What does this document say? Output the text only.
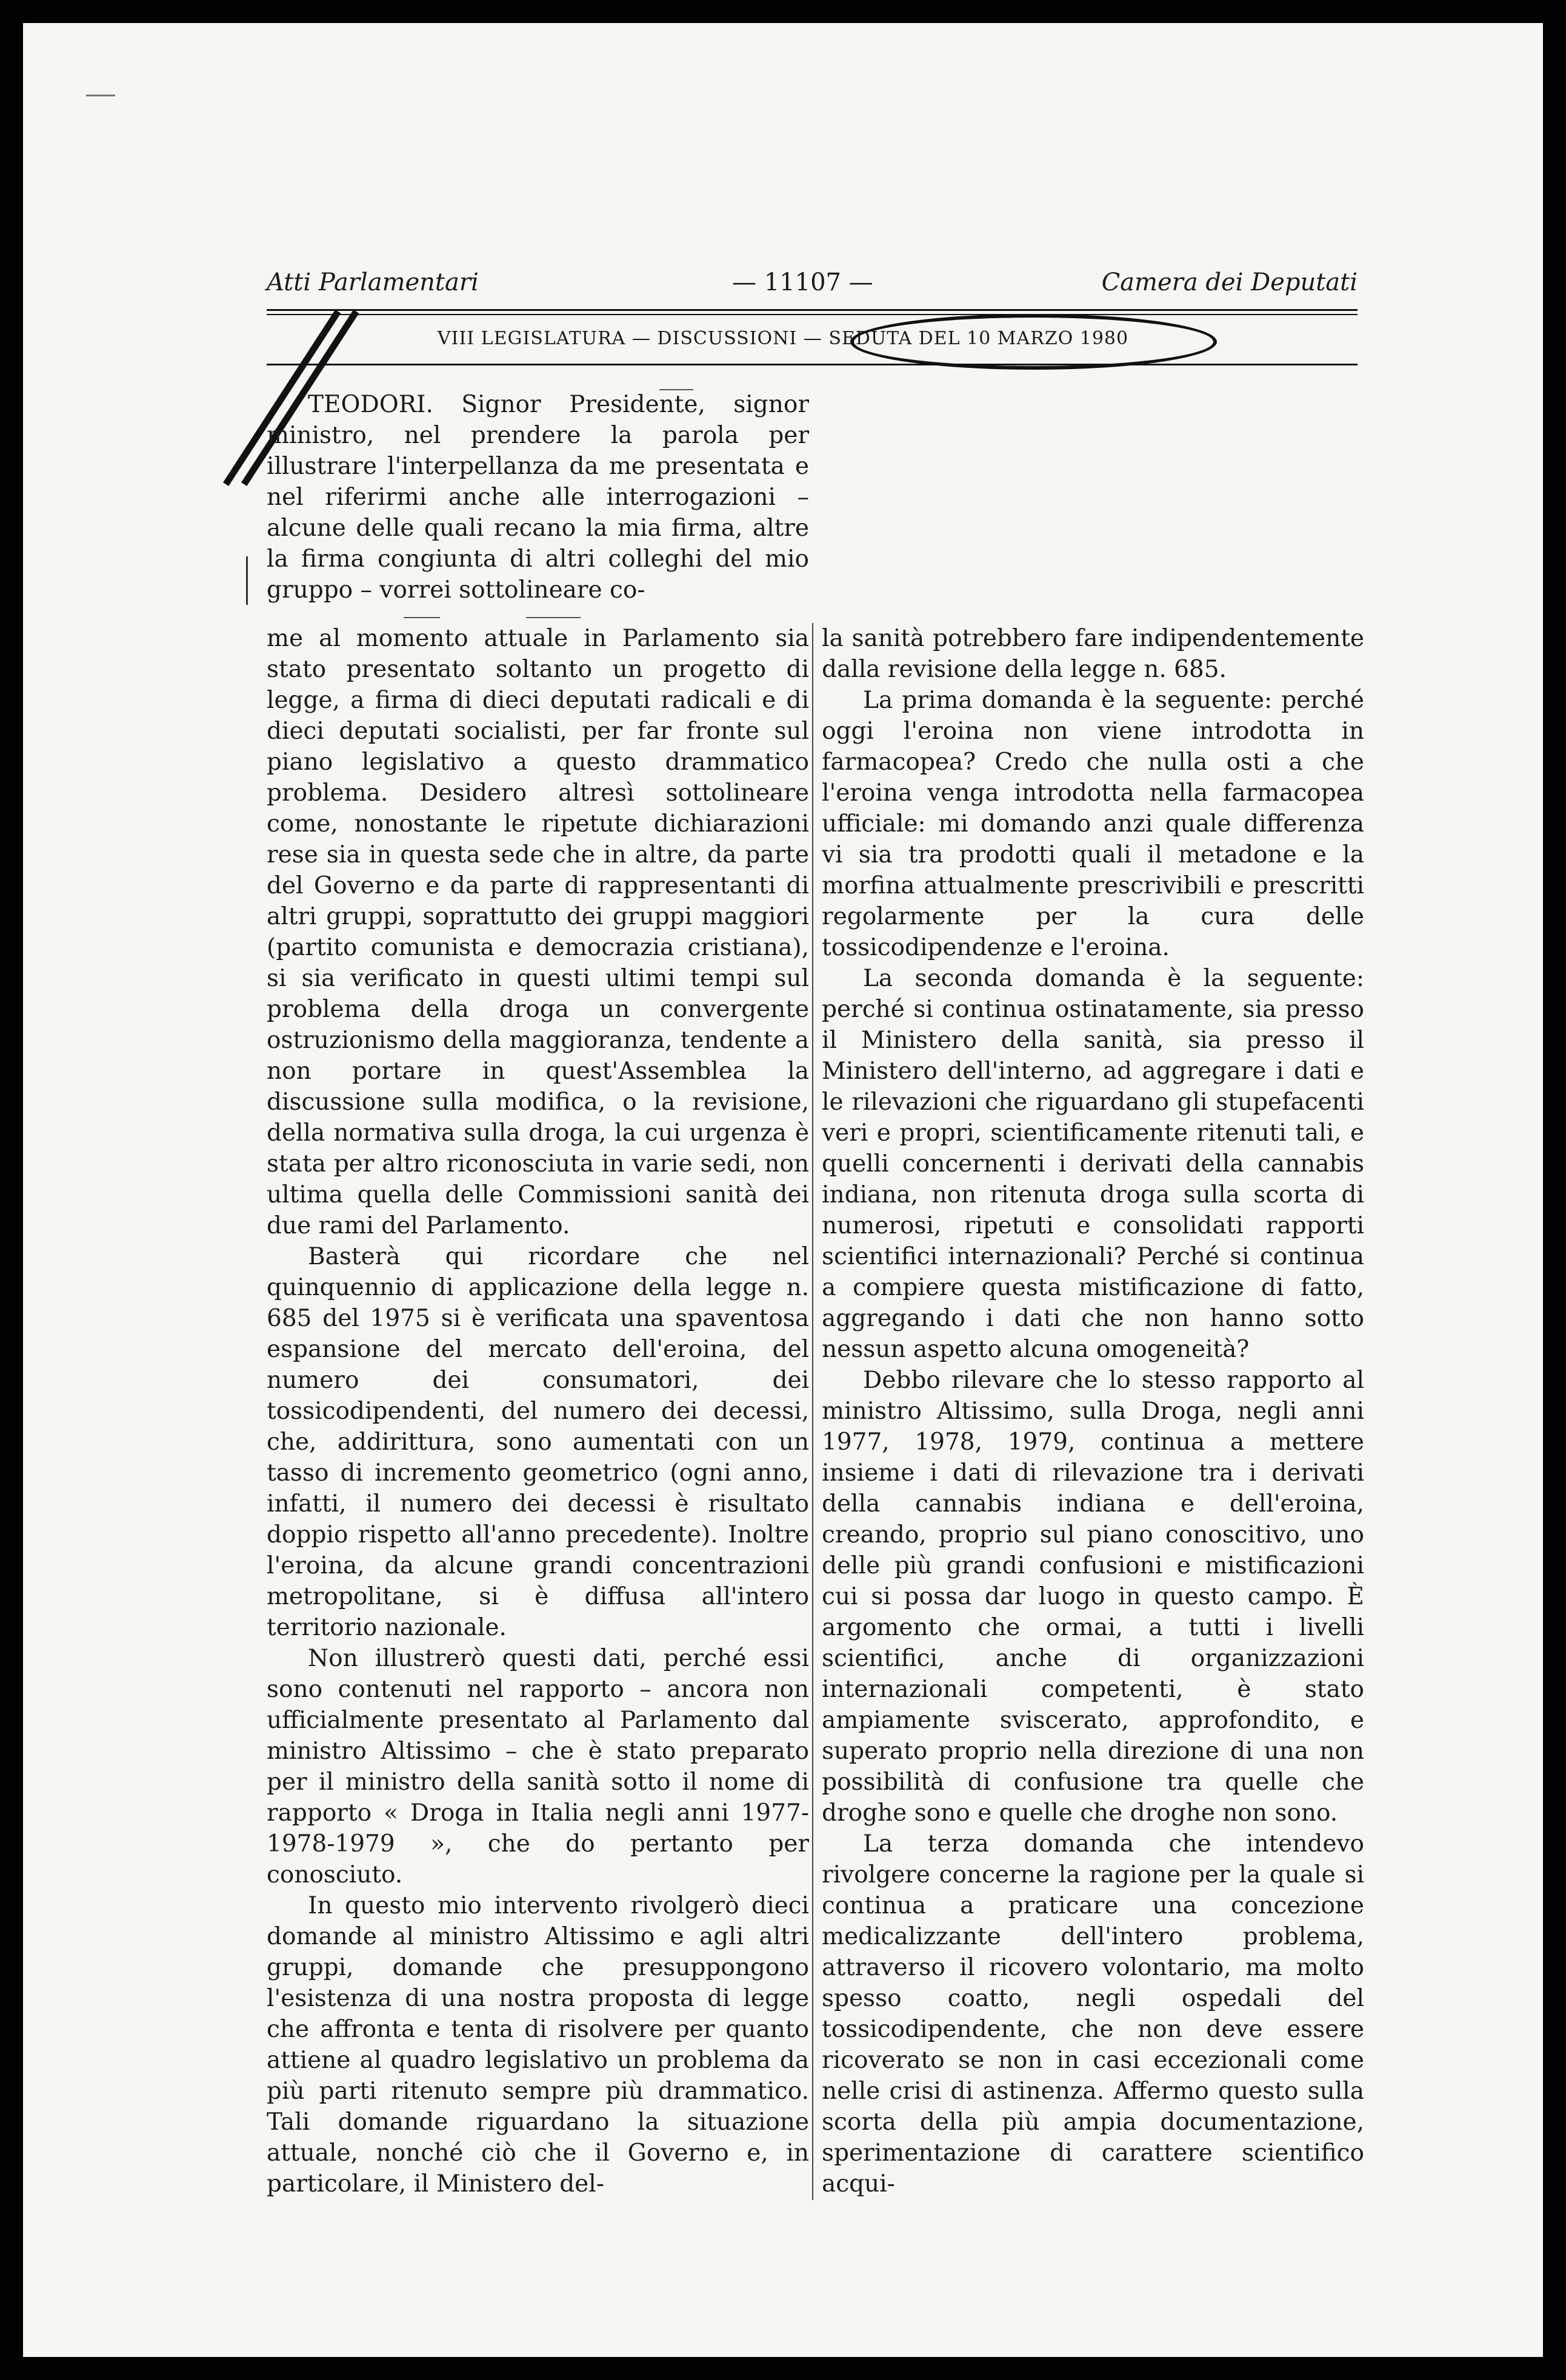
Atti Parlamentari	— 11107 —	Camera dei Deputati
VIII LEGISLATURA — DISCUSSIONI — SEDUTA DEL 10 MARZO 1980

TEODORI. Signor Presidente, signor ministro, nel prendere la parola per illustrare l'interpellanza da me presentata e nel riferirmi anche alle interrogazioni – alcune delle quali recano la mia firma, altre la firma congiunta di altri colleghi del mio gruppo – vorrei sottolineare co-

me al momento attuale in Parlamento sia stato presentato soltanto un progetto di legge, a firma di dieci deputati radicali e di dieci deputati socialisti, per far fronte sul piano legislativo a questo drammatico problema. Desidero altresì sottolineare come, nonostante le ripetute dichiarazioni rese sia in questa sede che in altre, da parte del Governo e da parte di rappresentanti di altri gruppi, soprattutto dei gruppi maggiori (partito comunista e democrazia cristiana), si sia verificato in questi ultimi tempi sul problema della droga un convergente ostruzionismo della maggioranza, tendente a non portare in quest'Assemblea la discussione sulla modifica, o la revisione, della normativa sulla droga, la cui urgenza è stata per altro riconosciuta in varie sedi, non ultima quella delle Commissioni sanità dei due rami del Parlamento.

Basterà qui ricordare che nel quinquennio di applicazione della legge n. 685 del 1975 si è verificata una spaventosa espansione del mercato dell'eroina, del numero dei consumatori, dei tossicodipendenti, del numero dei decessi, che, addirittura, sono aumentati con un tasso di incremento geometrico (ogni anno, infatti, il numero dei decessi è risultato doppio rispetto all'anno precedente). Inoltre l'eroina, da alcune grandi concentrazioni metropolitane, si è diffusa all'intero territorio nazionale.

Non illustrerò questi dati, perché essi sono contenuti nel rapporto – ancora non ufficialmente presentato al Parlamento dal ministro Altissimo – che è stato preparato per il ministro della sanità sotto il nome di rapporto « Droga in Italia negli anni 1977-1978-1979 », che do pertanto per conosciuto.

In questo mio intervento rivolgerò dieci domande al ministro Altissimo e agli altri gruppi, domande che presuppongono l'esistenza di una nostra proposta di legge che affronta e tenta di risolvere per quanto attiene al quadro legislativo un problema da più parti ritenuto sempre più drammatico. Tali domande riguardano la situazione attuale, nonché ciò che il Governo e, in particolare, il Ministero del-

la sanità potrebbero fare indipendentemente dalla revisione della legge n. 685.

La prima domanda è la seguente: perché oggi l'eroina non viene introdotta in farmacopea? Credo che nulla osti a che l'eroina venga introdotta nella farmacopea ufficiale: mi domando anzi quale differenza vi sia tra prodotti quali il metadone e la morfina attualmente prescrivibili e prescritti regolarmente per la cura delle tossicodipendenze e l'eroina.

La seconda domanda è la seguente: perché si continua ostinatamente, sia presso il Ministero della sanità, sia presso il Ministero dell'interno, ad aggregare i dati e le rilevazioni che riguardano gli stupefacenti veri e propri, scientificamente ritenuti tali, e quelli concernenti i derivati della cannabis indiana, non ritenuta droga sulla scorta di numerosi, ripetuti e consolidati rapporti scientifici internazionali? Perché si continua a compiere questa mistificazione di fatto, aggregando i dati che non hanno sotto nessun aspetto alcuna omogeneità?

Debbo rilevare che lo stesso rapporto al ministro Altissimo, sulla Droga, negli anni 1977, 1978, 1979, continua a mettere insieme i dati di rilevazione tra i derivati della cannabis indiana e dell'eroina, creando, proprio sul piano conoscitivo, uno delle più grandi confusioni e mistificazioni cui si possa dar luogo in questo campo. È argomento che ormai, a tutti i livelli scientifici, anche di organizzazioni internazionali competenti, è stato ampiamente sviscerato, approfondito, e superato proprio nella direzione di una non possibilità di confusione tra quelle che droghe sono e quelle che droghe non sono.

La terza domanda che intendevo rivolgere concerne la ragione per la quale si continua a praticare una concezione medicalizzante dell'intero problema, attraverso il ricovero volontario, ma molto spesso coatto, negli ospedali del tossicodipendente, che non deve essere ricoverato se non in casi eccezionali come nelle crisi di astinenza. Affermo questo sulla scorta della più ampia documentazione, sperimentazione di carattere scientifico acqui-
